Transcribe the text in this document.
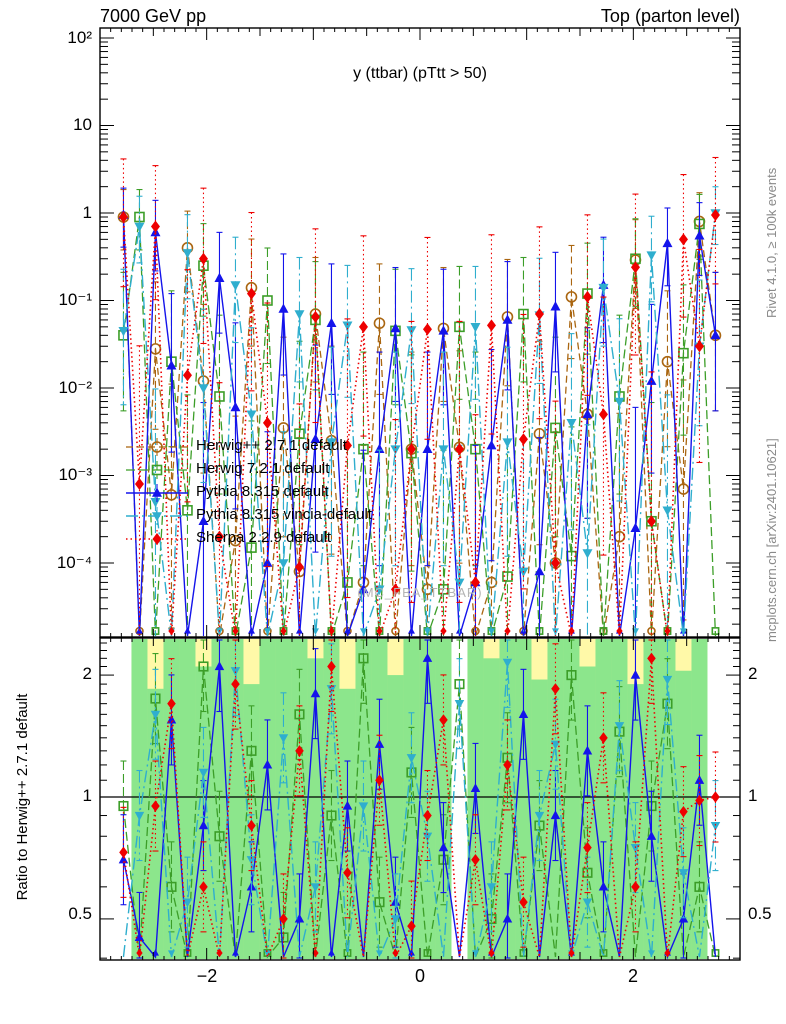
7000 GeV pp	Top (parton level)
y (ttbar) (pTtt > 50)
(MC_FBA_TTBAR)
Rivet 4.1.0, ≥ 100k events
mcplots.cern.ch [arXiv:2401.10621]
Ratio to Herwig++ 2.7.1 default
10²
10
1
10⁻¹
10⁻²
10⁻³
10⁻⁴
2
1
0.5
2
1
0.5
−2	0	2
Herwig++ 2.7.1 default
Herwig 7.2.1 default
Pythia 8.315 default
Pythia 8.315 vincia-default
Sherpa 2.2.9 default
